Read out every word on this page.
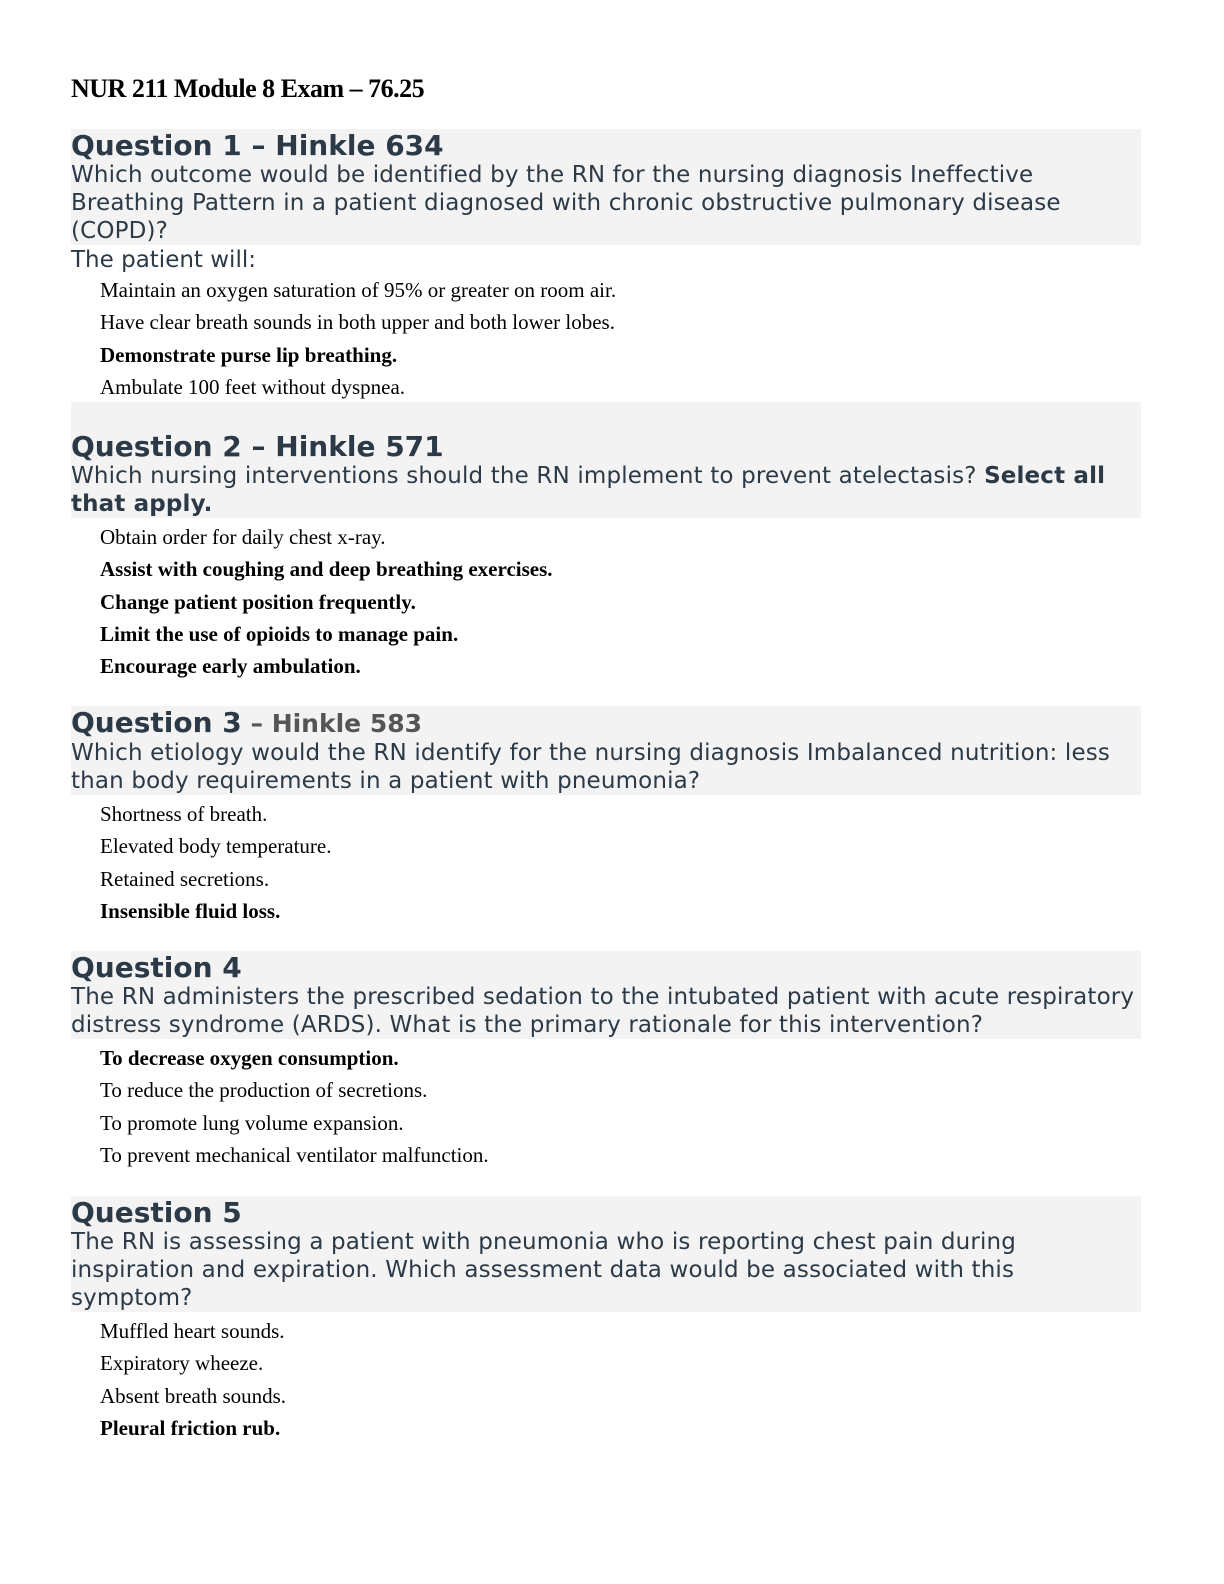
NUR 211 Module 8 Exam – 76.25
Question 1 – Hinkle 634
Which outcome would be identified by the RN for the nursing diagnosis Ineffective Breathing Pattern in a patient diagnosed with chronic obstructive pulmonary disease (COPD)?
The patient will:
Maintain an oxygen saturation of 95% or greater on room air.
Have clear breath sounds in both upper and both lower lobes.
Demonstrate purse lip breathing.
Ambulate 100 feet without dyspnea.
Question 2 – Hinkle 571
Which nursing interventions should the RN implement to prevent atelectasis? Select all that apply.
Obtain order for daily chest x-ray.
Assist with coughing and deep breathing exercises.
Change patient position frequently.
Limit the use of opioids to manage pain.
Encourage early ambulation.
Question 3 – Hinkle 583
Which etiology would the RN identify for the nursing diagnosis Imbalanced nutrition: less than body requirements in a patient with pneumonia?
Shortness of breath.
Elevated body temperature.
Retained secretions.
Insensible fluid loss.
Question 4
The RN administers the prescribed sedation to the intubated patient with acute respiratory distress syndrome (ARDS). What is the primary rationale for this intervention?
To decrease oxygen consumption.
To reduce the production of secretions.
To promote lung volume expansion.
To prevent mechanical ventilator malfunction.
Question 5
The RN is assessing a patient with pneumonia who is reporting chest pain during inspiration and expiration. Which assessment data would be associated with this symptom?
Muffled heart sounds.
Expiratory wheeze.
Absent breath sounds.
Pleural friction rub.
